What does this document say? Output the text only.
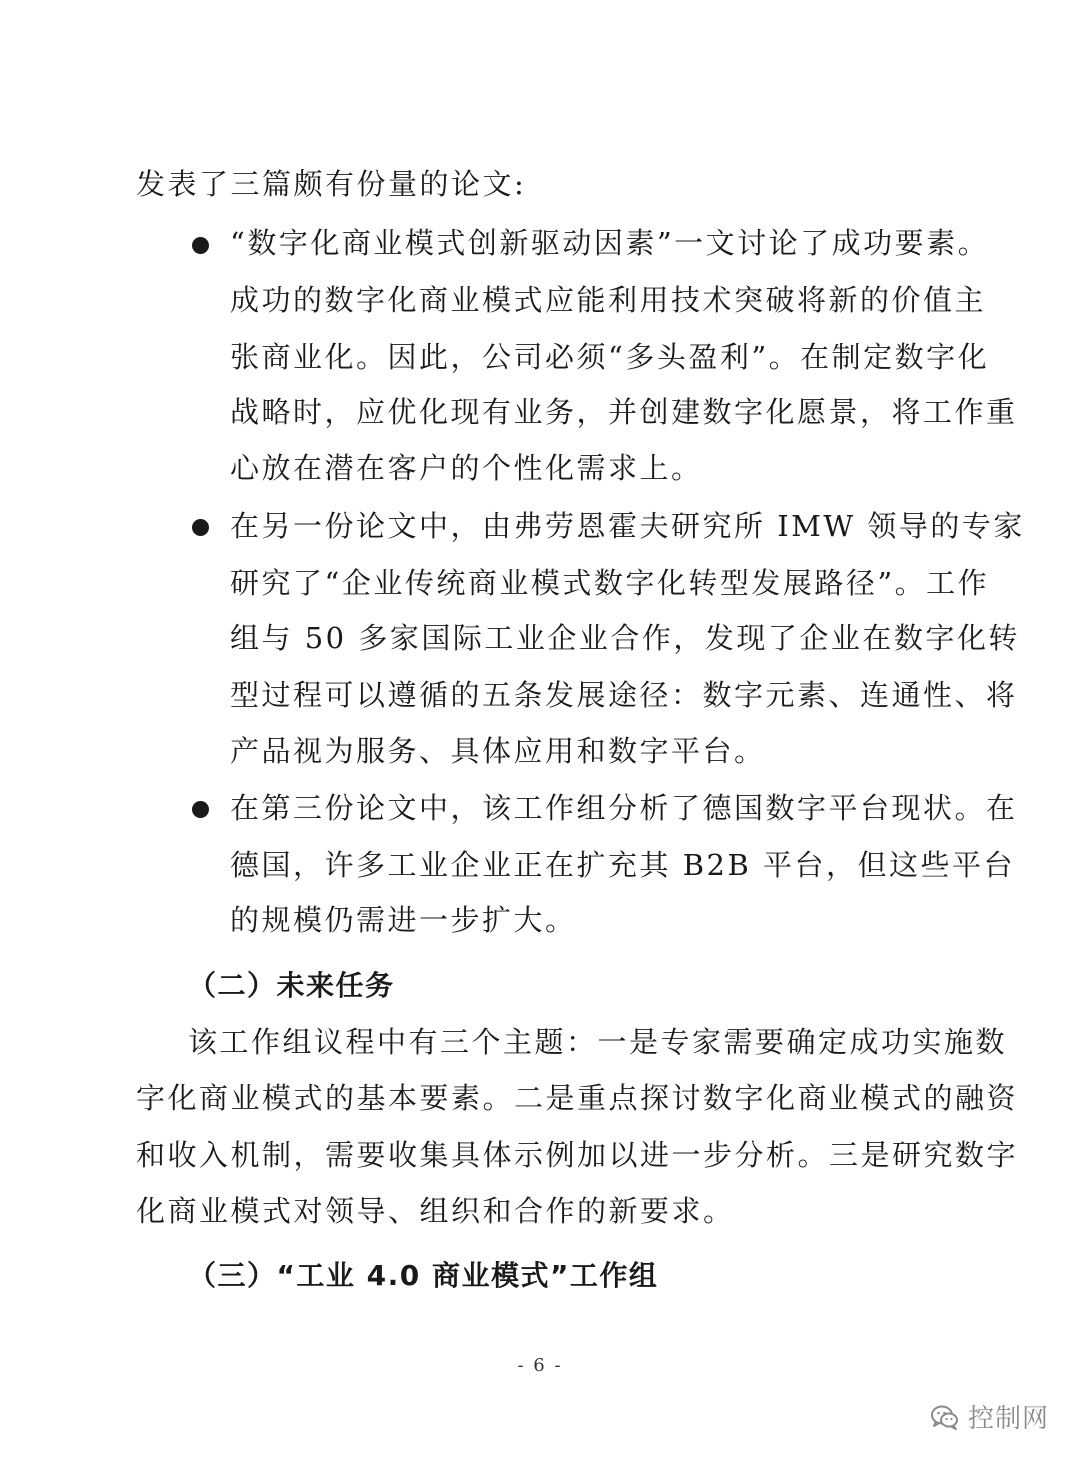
发表了三篇颇有份量的论文:
“数字化商业模式创新驱动因素”一文讨论了成功要素。
成功的数字化商业模式应能利用技术突破将新的价值主
张商业化。因此，公司必须“多头盈利”。在制定数字化
战略时，应优化现有业务，并创建数字化愿景，将工作重
心放在潜在客户的个性化需求上。
在另一份论文中，由弗劳恩霍夫研究所 IMW 领导的专家
研究了“企业传统商业模式数字化转型发展路径”。工作
组与 50 多家国际工业企业合作，发现了企业在数字化转
型过程可以遵循的五条发展途径：数字元素、连通性、将
产品视为服务、具体应用和数字平台。
在第三份论文中，该工作组分析了德国数字平台现状。在
德国，许多工业企业正在扩充其 B2B 平台，但这些平台
的规模仍需进一步扩大。
（二）未来任务
该工作组议程中有三个主题：一是专家需要确定成功实施数
字化商业模式的基本要素。二是重点探讨数字化商业模式的融资
和收入机制，需要收集具体示例加以进一步分析。三是研究数字
化商业模式对领导、组织和合作的新要求。
（三）“工业 4.0 商业模式”工作组
- 6 -
控制网
